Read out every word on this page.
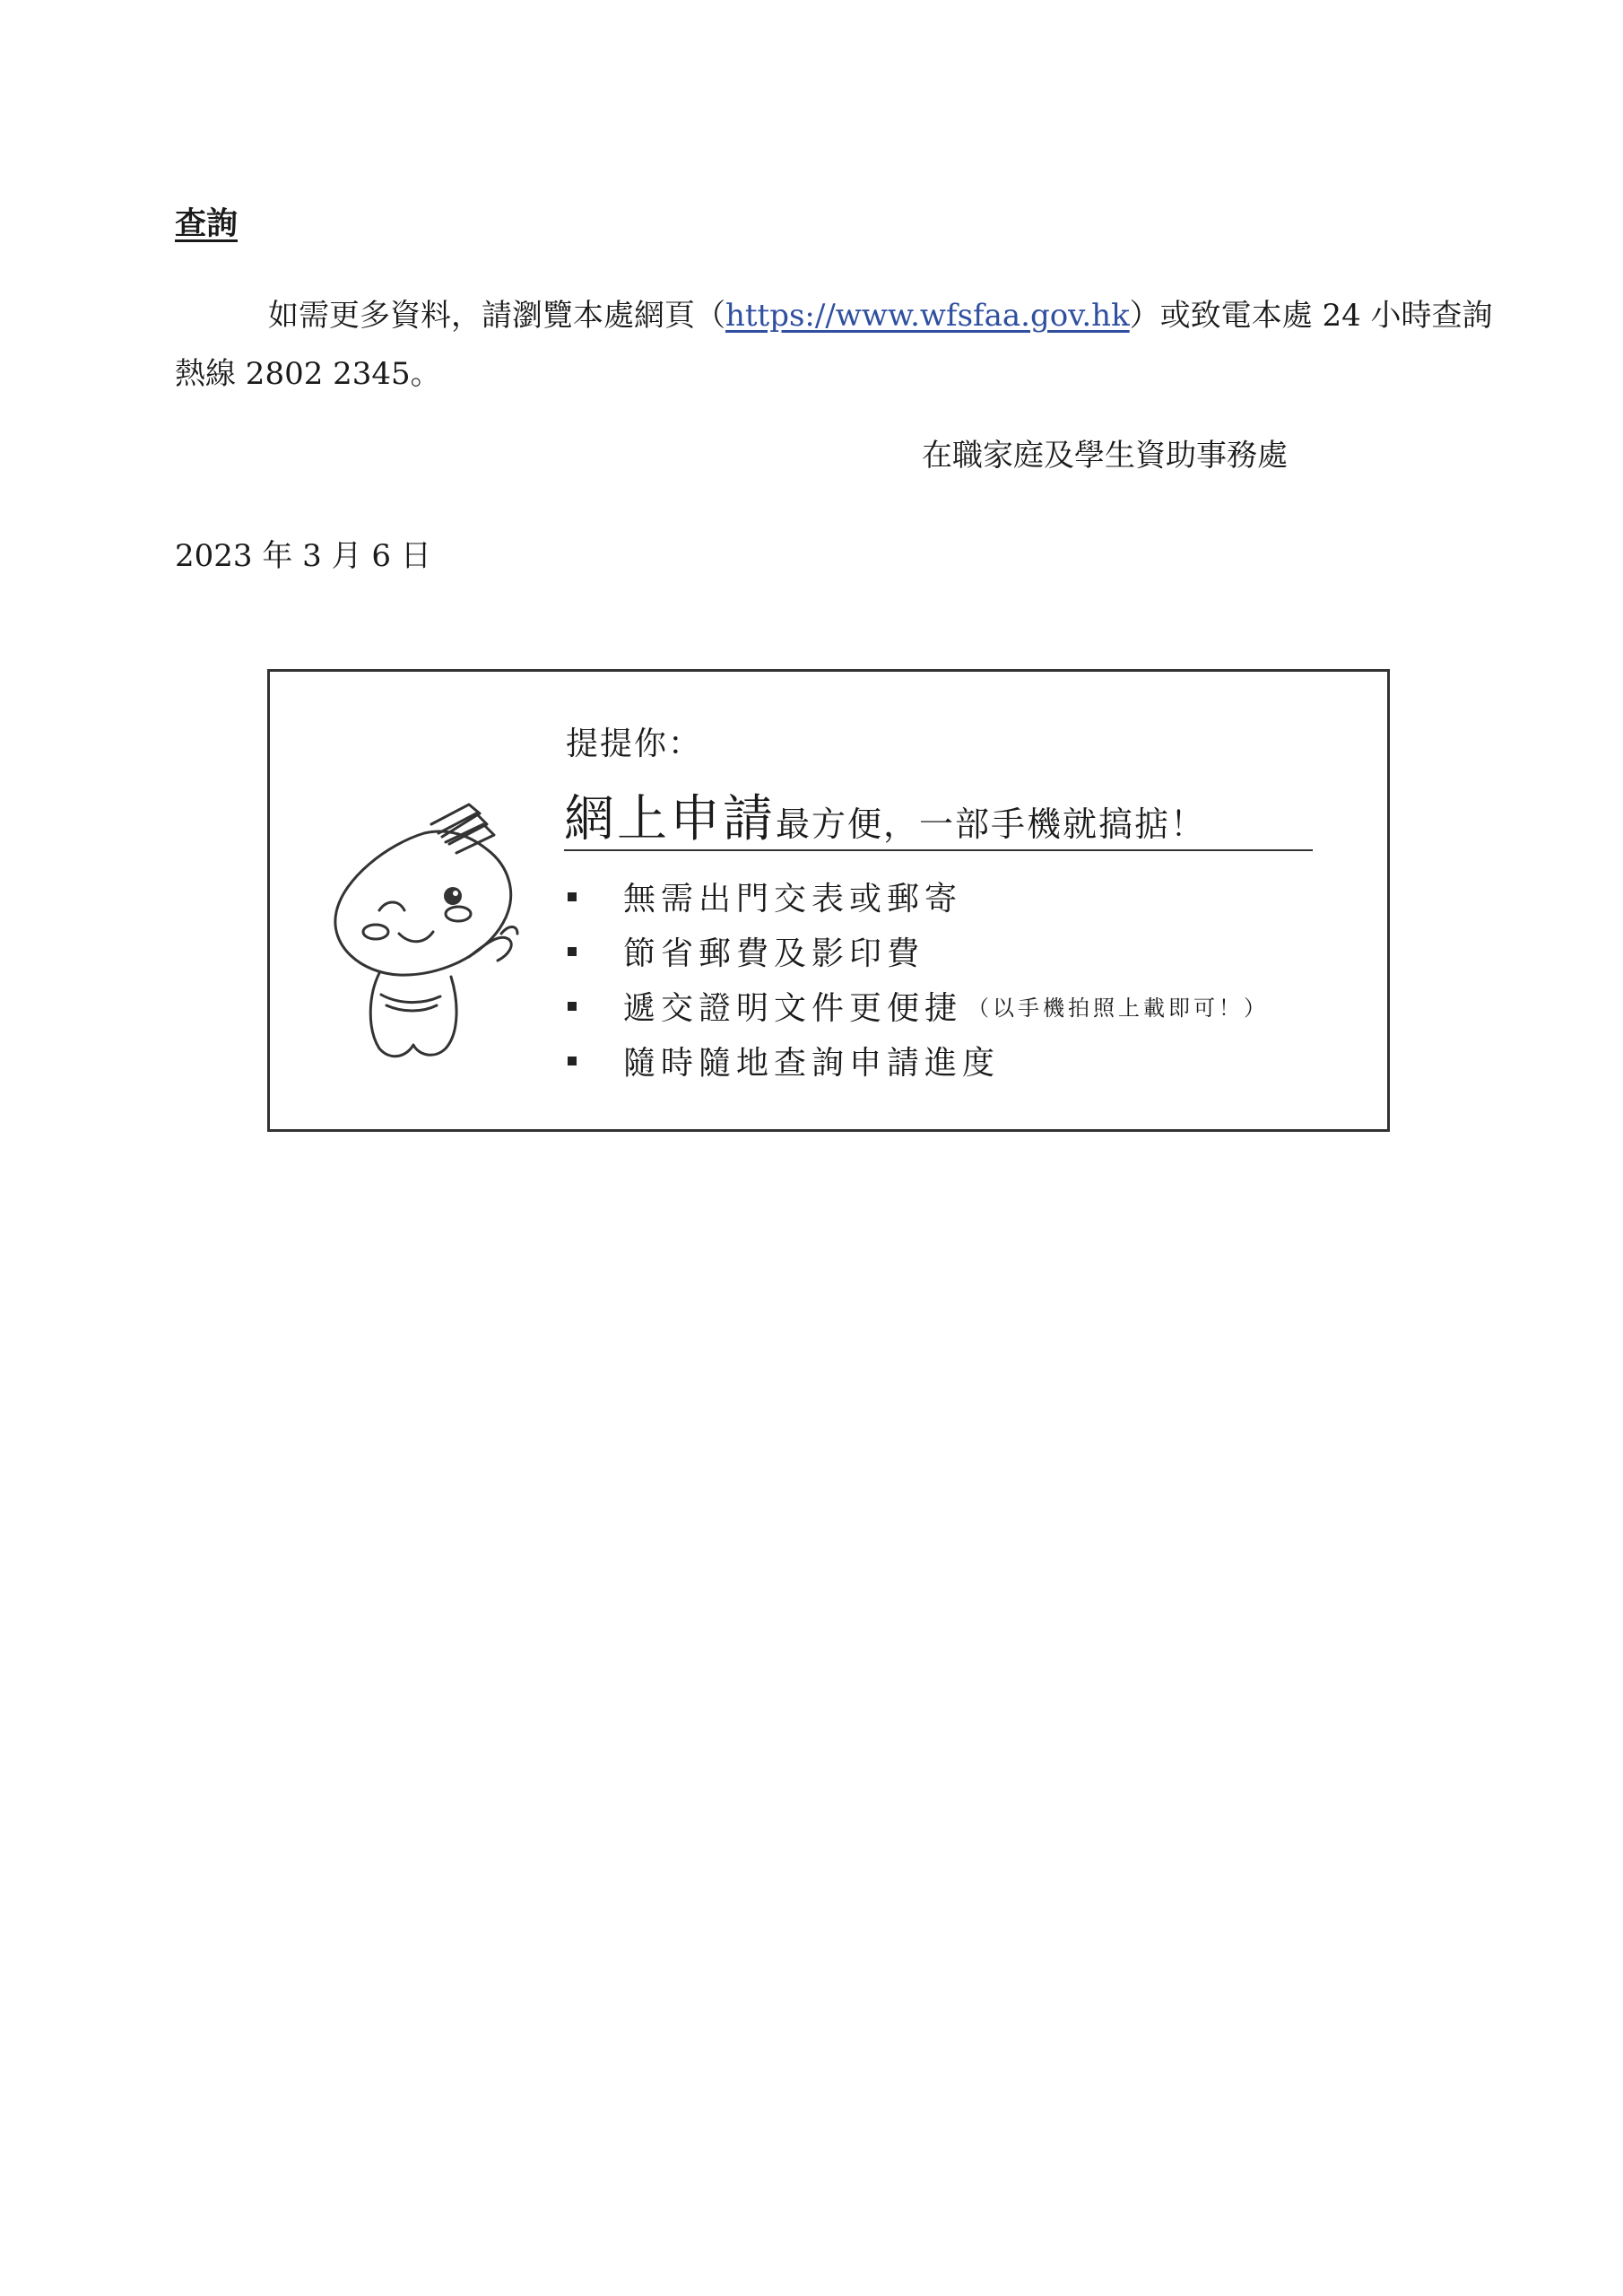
查詢

如需更多資料，請瀏覽本處網頁（https://www.wfsfaa.gov.hk）或致電本處 24 小時查詢熱線 2802 2345。

在職家庭及學生資助事務處

2023 年 3 月 6 日

提提你：

網上申請最方便，一部手機就搞掂！

無需出門交表或郵寄
節省郵費及影印費
遞交證明文件更便捷 （以手機拍照上載即可！）
隨時隨地查詢申請進度
